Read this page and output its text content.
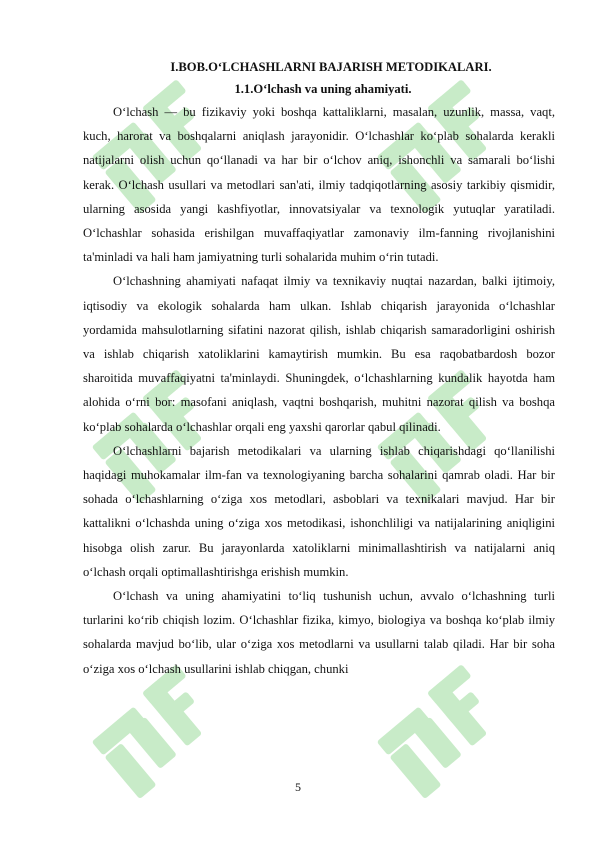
I.BOB.O‘LCHASHLARNI BAJARISH METODIKALARI.
1.1.O‘lchash va uning ahamiyati.

O‘lchash — bu fizikaviy yoki boshqa kattaliklarni, masalan, uzunlik, massa, vaqt, kuch, harorat va boshqalarni aniqlash jarayonidir. O‘lchashlar ko‘plab sohalarda kerakli natijalarni olish uchun qo‘llanadi va har bir o‘lchov aniq, ishonchli va samarali bo‘lishi kerak. O‘lchash usullari va metodlari san'ati, ilmiy tadqiqotlarning asosiy tarkibiy qismidir, ularning asosida yangi kashfiyotlar, innovatsiyalar va texnologik yutuqlar yaratiladi. O‘lchashlar sohasida erishilgan muvaffaqiyatlar zamonaviy ilm-fanning rivojlanishini ta'minladi va hali ham jamiyatning turli sohalarida muhim o‘rin tutadi.

O‘lchashning ahamiyati nafaqat ilmiy va texnikaviy nuqtai nazardan, balki ijtimoiy, iqtisodiy va ekologik sohalarda ham ulkan. Ishlab chiqarish jarayonida o‘lchashlar yordamida mahsulotlarning sifatini nazorat qilish, ishlab chiqarish samaradorligini oshirish va ishlab chiqarish xatoliklarini kamaytirish mumkin. Bu esa raqobatbardosh bozor sharoitida muvaffaqiyatni ta'minlaydi. Shuningdek, o‘lchashlarning kundalik hayotda ham alohida o‘rni bor: masofani aniqlash, vaqtni boshqarish, muhitni nazorat qilish va boshqa ko‘plab sohalarda o‘lchashlar orqali eng yaxshi qarorlar qabul qilinadi.

O‘lchashlarni bajarish metodikalari va ularning ishlab chiqarishdagi qo‘llanilishi haqidagi muhokamalar ilm-fan va texnologiyaning barcha sohalarini qamrab oladi. Har bir sohada o‘lchashlarning o‘ziga xos metodlari, asboblari va texnikalari mavjud. Har bir kattalikni o‘lchashda uning o‘ziga xos metodikasi, ishonchliligi va natijalarining aniqligini hisobga olish zarur. Bu jarayonlarda xatoliklarni minimallashtirish va natijalarni aniq o‘lchash orqali optimallashtirishga erishish mumkin.

O‘lchash va uning ahamiyatini to‘liq tushunish uchun, avvalo o‘lchashning turli turlarini ko‘rib chiqish lozim. O‘lchashlar fizika, kimyo, biologiya va boshqa ko‘plab ilmiy sohalarda mavjud bo‘lib, ular o‘ziga xos metodlarni va usullarni talab qiladi. Har bir soha o‘ziga xos o‘lchash usullarini ishlab chiqgan, chunki

5
